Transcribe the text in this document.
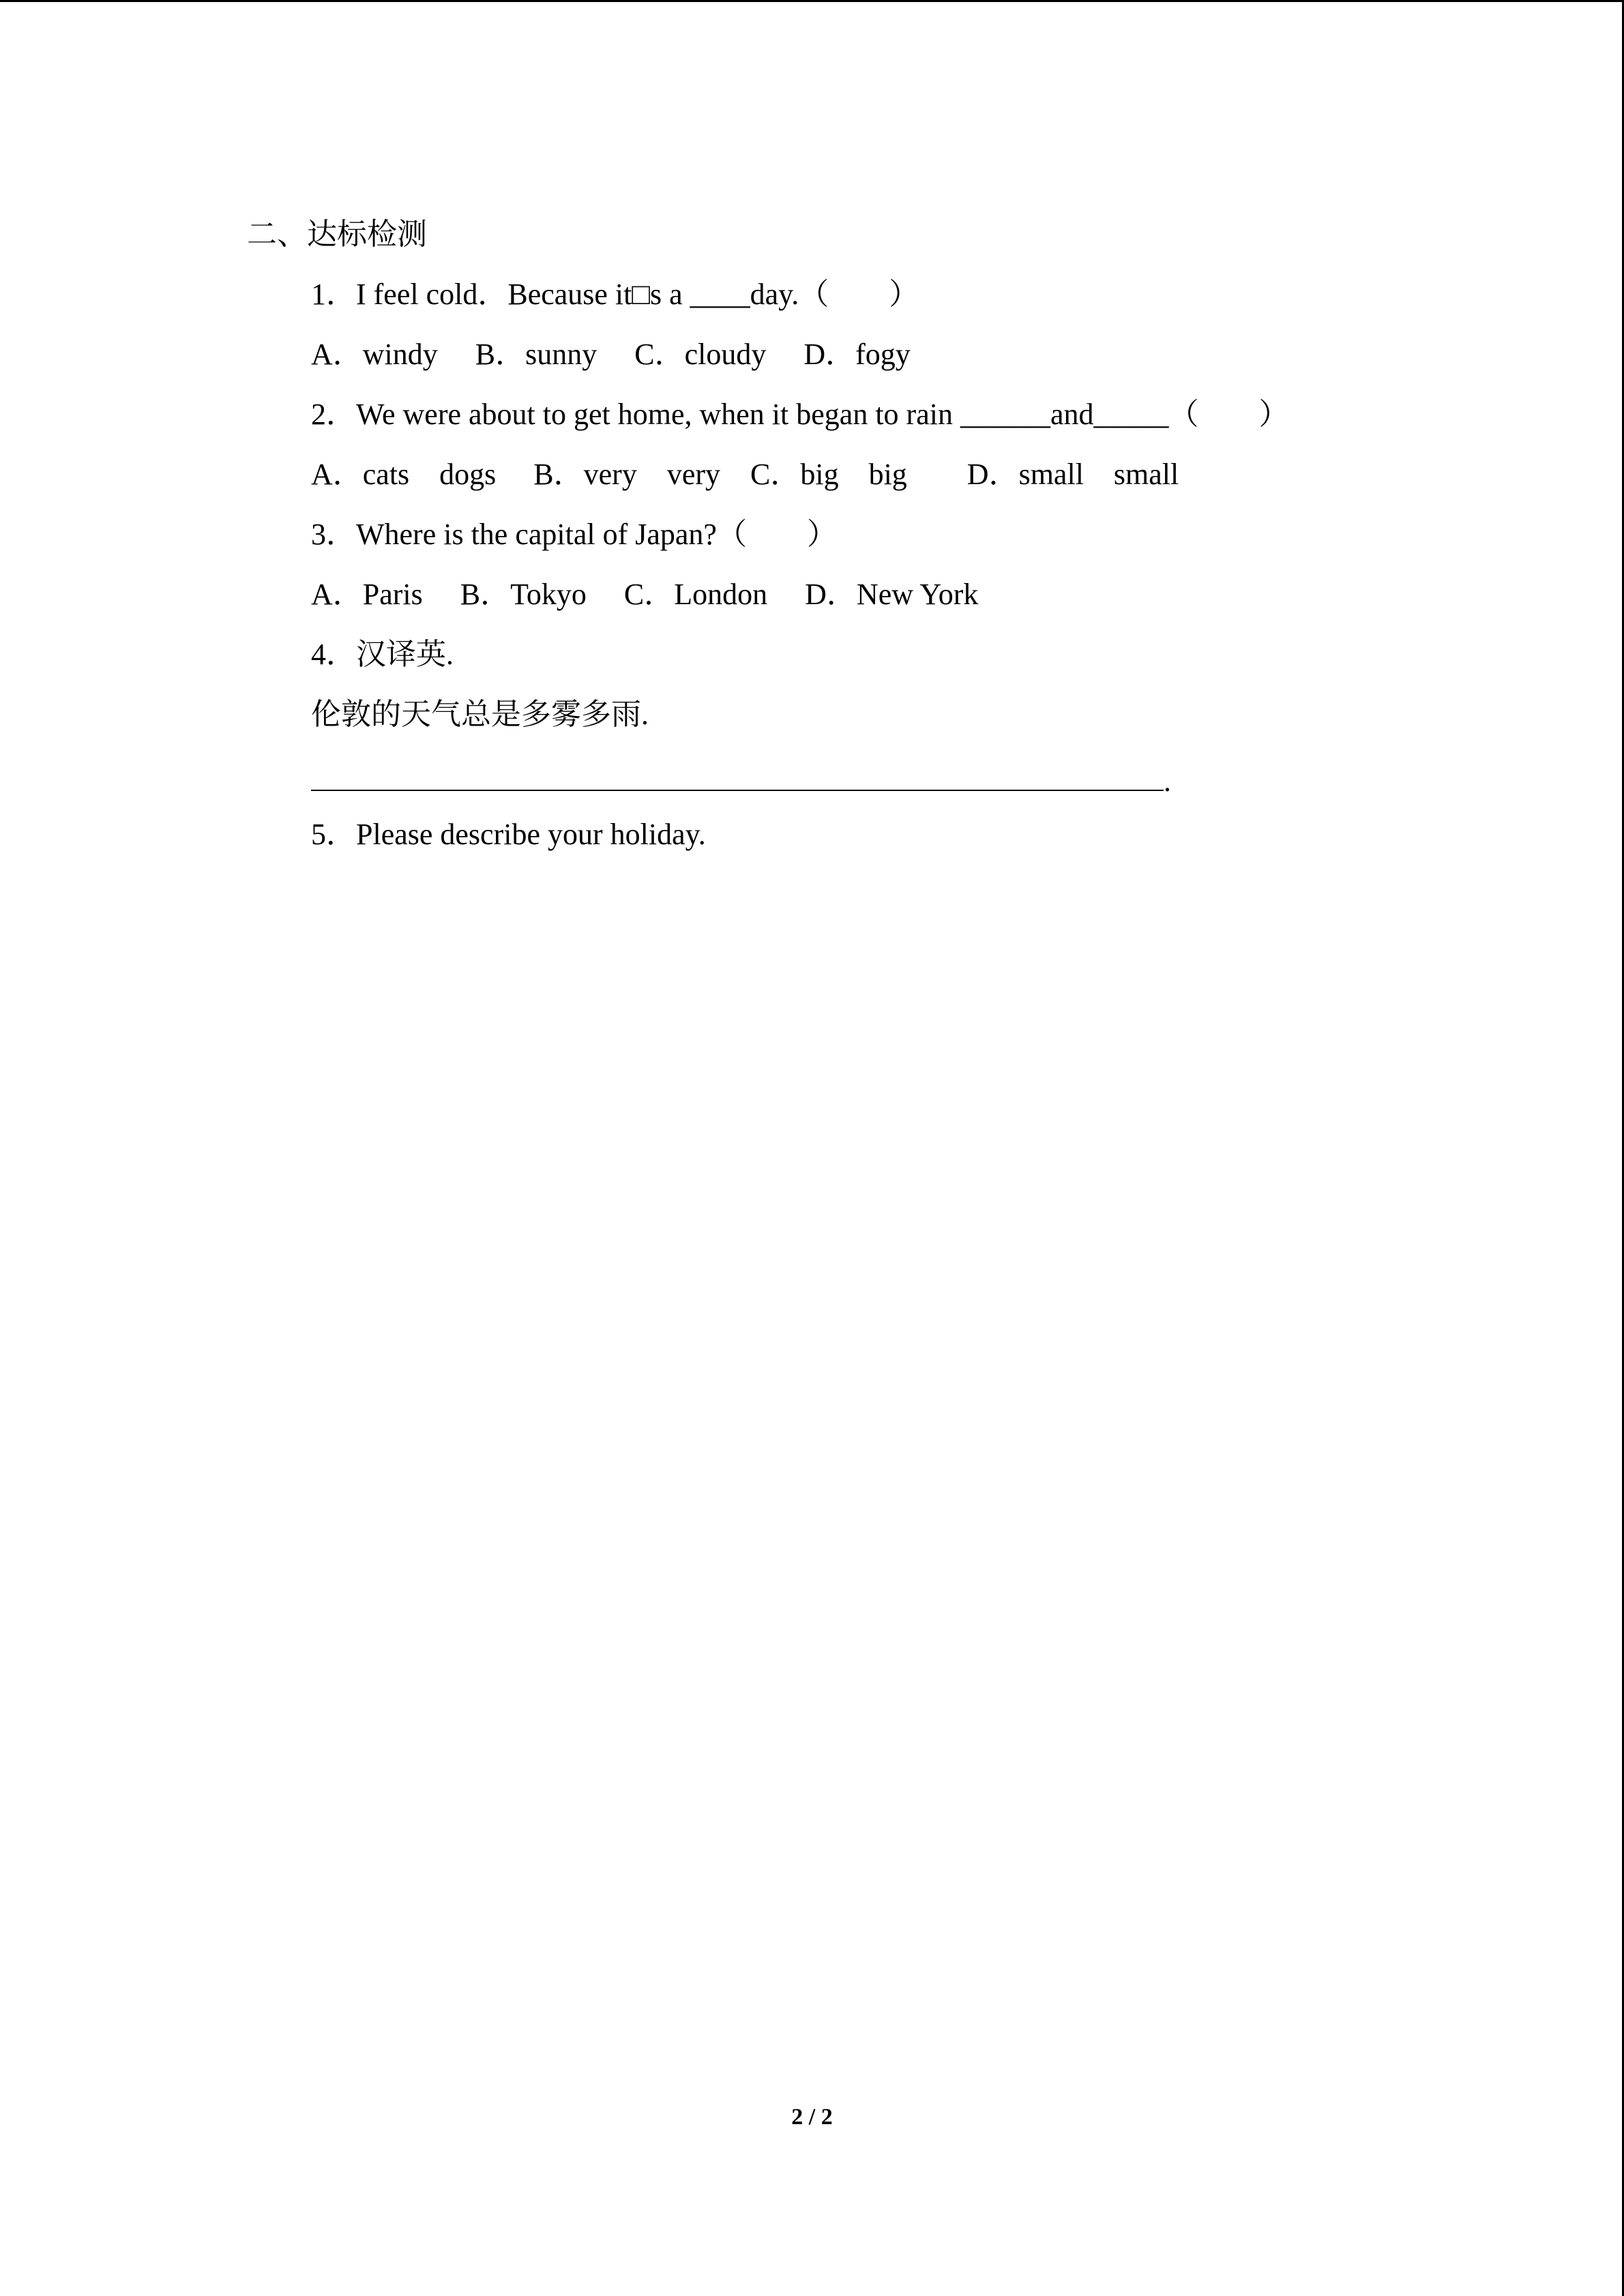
二、达标检测
1．I feel cold．Because it□s a ____day.（　　）
A．windy　 B．sunny　 C．cloudy　 D．fogy
2．We were about to get home, when it began to rain ______and_____（　　）
A．cats　dogs　 B．very　very　C．big　big　　D．small　small
3．Where is the capital of Japan?（　　）
A．Paris　 B．Tokyo　 C．London　 D．New York
4．汉译英.
伦敦的天气总是多雾多雨.
.
5．Please describe your holiday.
2 / 2
